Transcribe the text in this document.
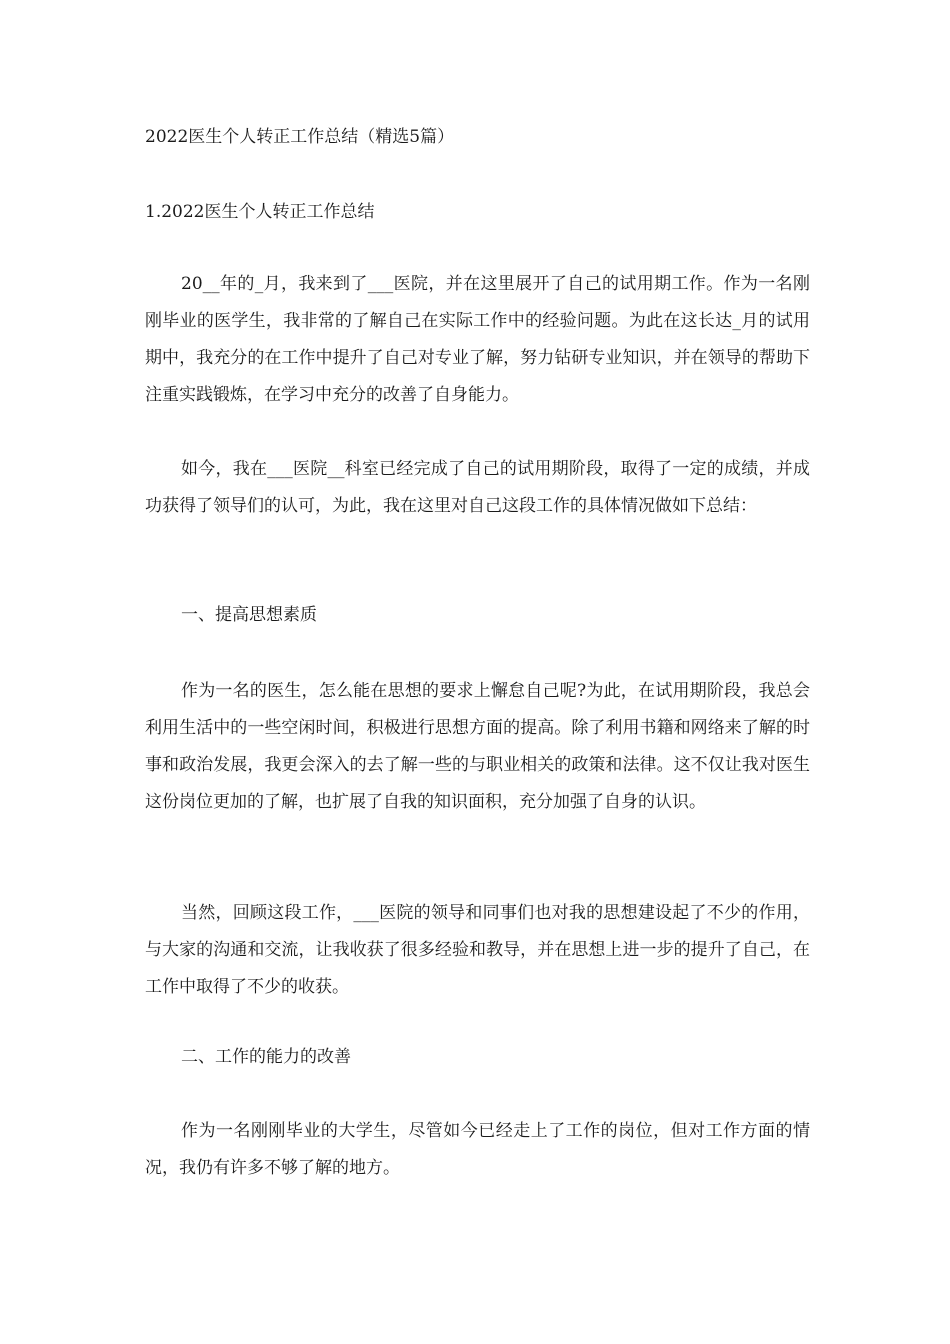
2022医生个人转正工作总结（精选5篇）
1.2022医生个人转正工作总结

20__年的_月，我来到了___医院，并在这里展开了自己的试用期工作。作为一名刚刚毕业的医学生，我非常的了解自己在实际工作中的经验问题。为此在这长达_月的试用期中，我充分的在工作中提升了自己对专业了解，努力钻研专业知识，并在领导的帮助下 注重实践锻炼，在学习中充分的改善了自身能力。

如今，我在___医院__科室已经完成了自己的试用期阶段，取得了一定的成绩，并成功获得了领导们的认可，为此，我在这里对自己这段工作的具体情况做如下总结：

一、提高思想素质

作为一名的医生，怎么能在思想的要求上懈怠自己呢?为此，在试用期阶段，我总会利用生活中的一些空闲时间，积极进行思想方面的提高。除了利用书籍和网络来了解的时事和政治发展，我更会深入的去了解一些的与职业相关的政策和法律。这不仅让我对医生这份岗位更加的了解，也扩展了自我的知识面积，充分加强了自身的认识。

当然，回顾这段工作，___医院的领导和同事们也对我的思想建设起了不少的作用，与大家的沟通和交流，让我收获了很多经验和教导，并在思想上进一步的提升了自己，在工作中取得了不少的收获。

二、工作的能力的改善

作为一名刚刚毕业的大学生，尽管如今已经走上了工作的岗位，但对工作方面的情况，我仍有许多不够了解的地方。
